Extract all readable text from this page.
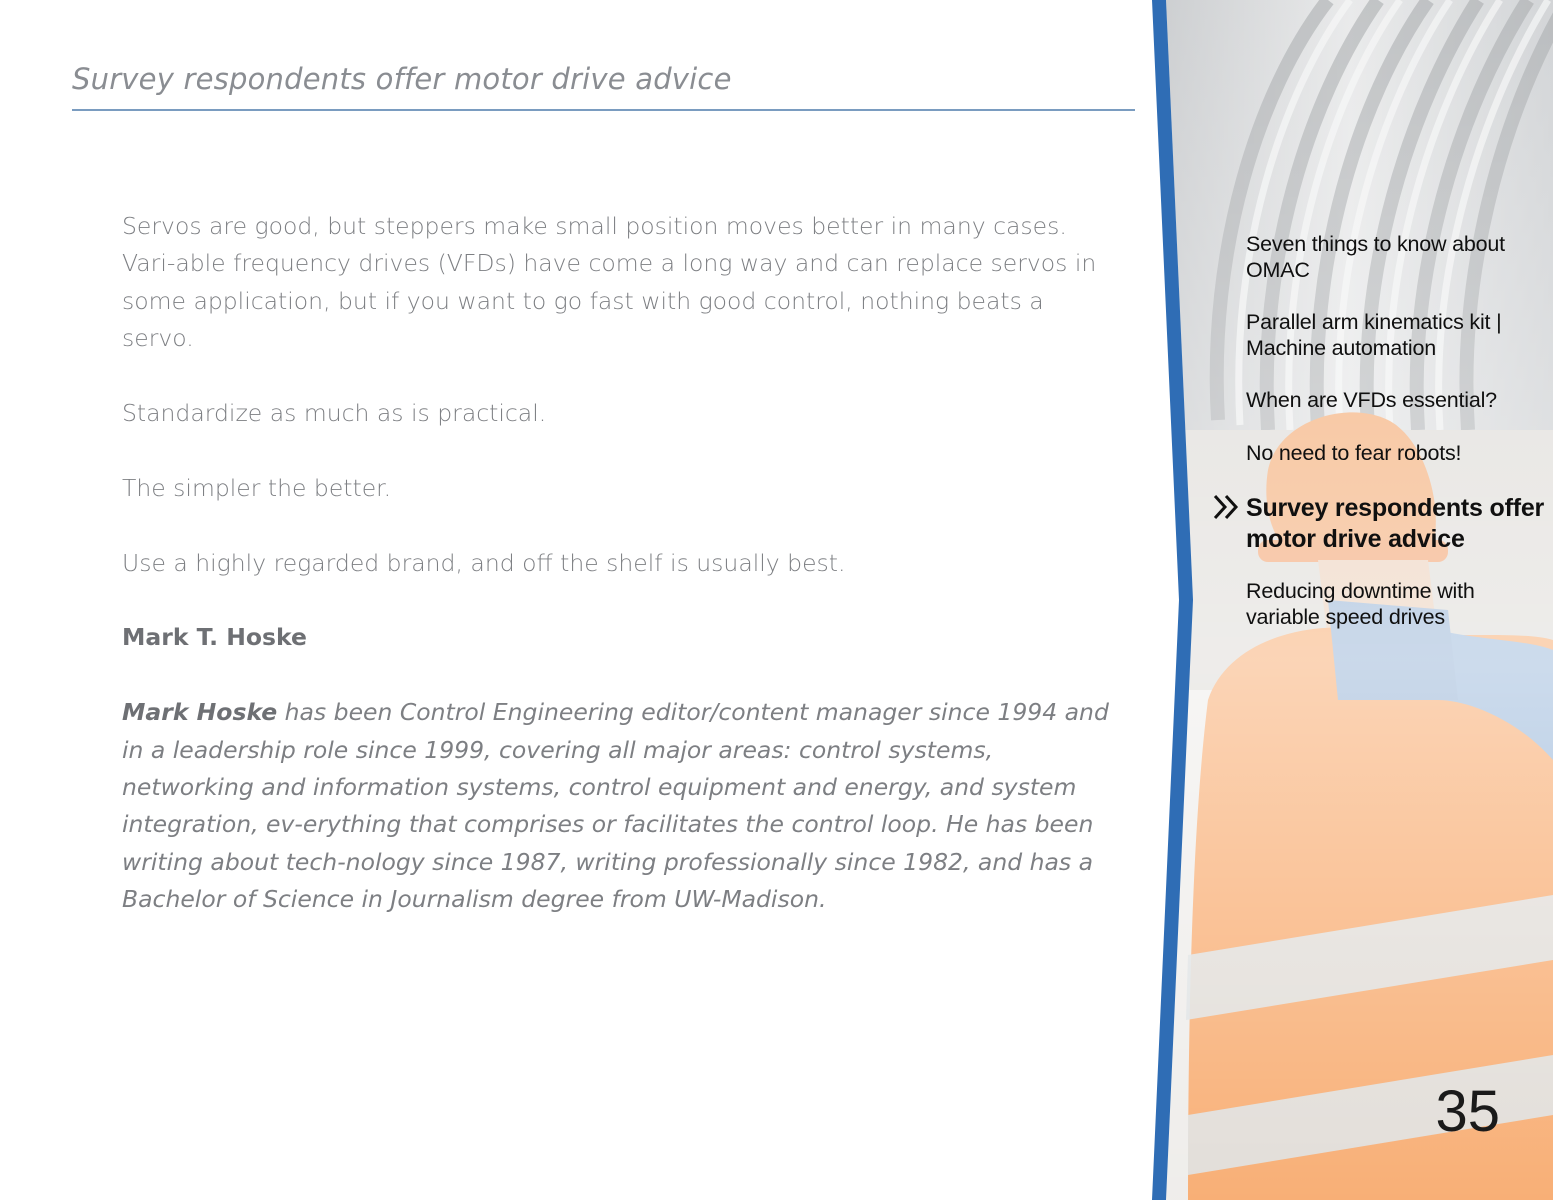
Survey respondents offer motor drive advice

Servos are good, but steppers make small position moves better in many cases. Vari-able frequency drives (VFDs) have come a long way and can replace servos in some application, but if you want to go fast with good control, nothing beats a servo.

Standardize as much as is practical.

The simpler the better.

Use a highly regarded brand, and off the shelf is usually best.

Mark T. Hoske

Mark Hoske has been Control Engineering editor/content manager since 1994 and in a leadership role since 1999, covering all major areas: control systems, networking and information systems, control equipment and energy, and system integration, ev-erything that comprises or facilitates the control loop. He has been writing about tech-nology since 1987, writing professionally since 1982, and has a Bachelor of Science in Journalism degree from UW-Madison.

Seven things to know about OMAC
Parallel arm kinematics kit | Machine automation
When are VFDs essential?
No need to fear robots!
Survey respondents offer motor drive advice
Reducing downtime with variable speed drives
35
